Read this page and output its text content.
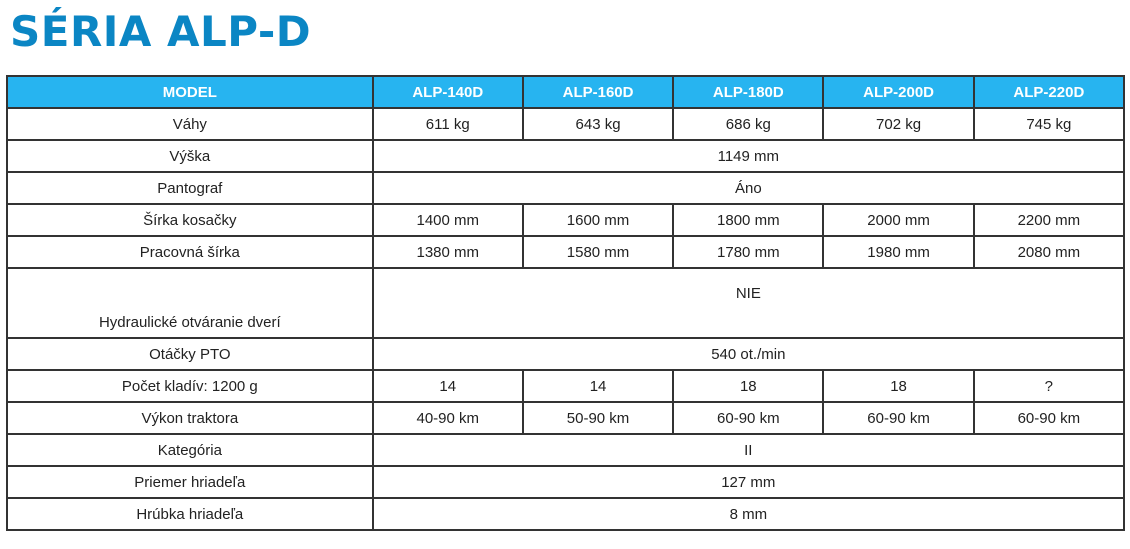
SÉRIA ALP-D
MODEL	ALP-140D	ALP-160D	ALP-180D	ALP-200D	ALP-220D
Váhy	611 kg	643 kg	686 kg	702 kg	745 kg
Výška	1149 mm				
Pantograf	Áno				
Šírka kosačky	1400 mm	1600 mm	1800 mm	2000 mm	2200 mm
Pracovná šírka	1380 mm	1580 mm	1780 mm	1980 mm	2080 mm
Hydraulické otváranie dverí	NIE				
Otáčky PTO	540 ot./min				
Počet kladív: 1200 g	14	14	18	18	?
Výkon traktora	40-90 km	50-90 km	60-90 km	60-90 km	60-90 km
Kategória	II				
Priemer hriadeľa	127 mm				
Hrúbka hriadeľa	8 mm				
